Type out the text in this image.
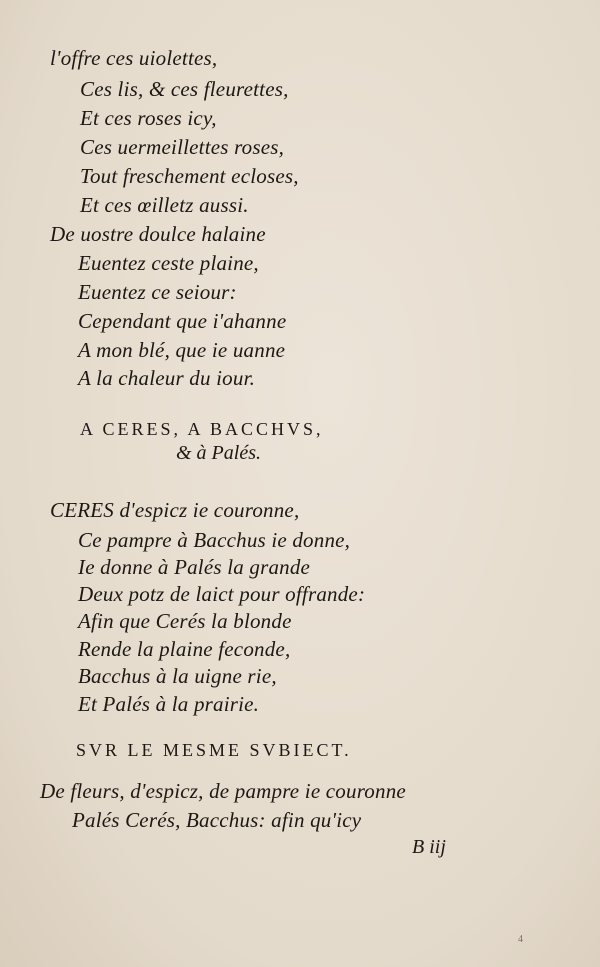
l'offre ces uiolettes,
Ces lis, & ces fleurettes,
Et ces roses icy,
Ces uermeillettes roses,
Tout freschement ecloses,
Et ces œilletz aussi.
De uostre doulce halaine
Euentez ceste plaine,
Euentez ce seiour:
Cependant que i'ahanne
A mon blé, que ie uanne
A la chaleur du iour.
A CERES, A BACCHVS,
& à Palés.
CERES d'espicz ie couronne,
Ce pampre à Bacchus ie donne,
Ie donne à Palés la grande
Deux potz de laict pour offrande:
Afin que Cerés la blonde
Rende la plaine feconde,
Bacchus à la uigne rie,
Et Palés à la prairie.
SVR LE MESME SVBIECT.
De fleurs, d'espicz, de pampre ie couronne
Palés Cerés, Bacchus: afin qu'icy
B iij
4
